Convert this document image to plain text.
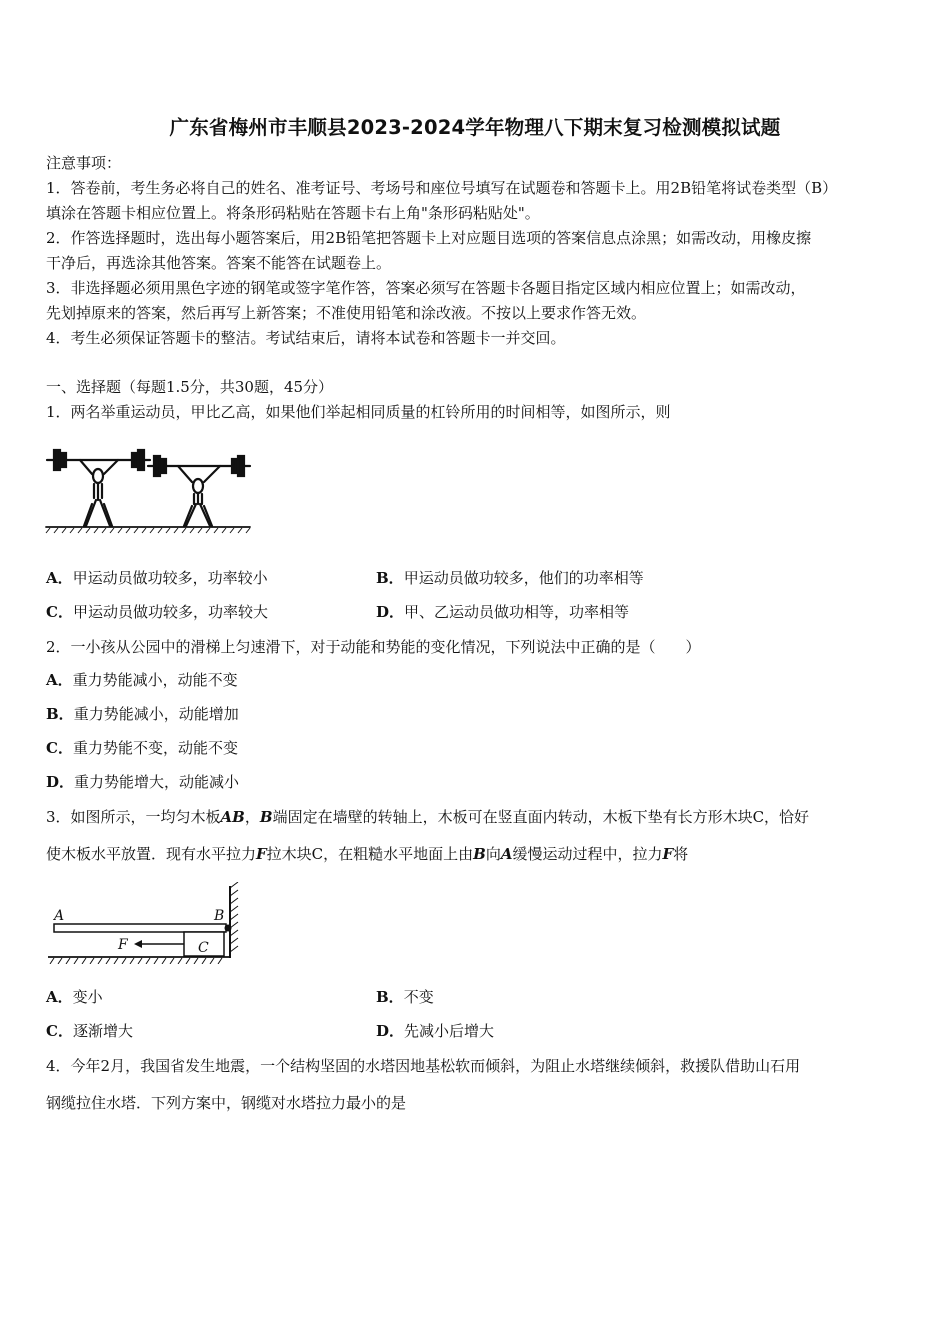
广东省梅州市丰顺县2023-2024学年物理八下期末复习检测模拟试题
注意事项：
1．答卷前，考生务必将自己的姓名、准考证号、考场号和座位号填写在试题卷和答题卡上。用2B铅笔将试卷类型（B）
填涂在答题卡相应位置上。将条形码粘贴在答题卡右上角"条形码粘贴处"。
2．作答选择题时，选出每小题答案后，用2B铅笔把答题卡上对应题目选项的答案信息点涂黑；如需改动，用橡皮擦
干净后，再选涂其他答案。答案不能答在试题卷上。
3．非选择题必须用黑色字迹的钢笔或签字笔作答，答案必须写在答题卡各题目指定区域内相应位置上；如需改动，
先划掉原来的答案，然后再写上新答案；不准使用铅笔和涂改液。不按以上要求作答无效。
4．考生必须保证答题卡的整洁。考试结束后，请将本试卷和答题卡一并交回。
一、选择题（每题1.5分，共30题，45分）
1．两名举重运动员，甲比乙高，如果他们举起相同质量的杠铃所用的时间相等，如图所示，则
A．甲运动员做功较多，功率较小	B．甲运动员做功较多，他们的功率相等
C．甲运动员做功较多，功率较大	D．甲、乙运动员做功相等，功率相等
2．一小孩从公园中的滑梯上匀速滑下，对于动能和势能的变化情况，下列说法中正确的是（　　）
A．重力势能减小，动能不变
B．重力势能减小，动能增加
C．重力势能不变，动能不变
D．重力势能增大，动能减小
3．如图所示，一均匀木板AB，B端固定在墙壁的转轴上，木板可在竖直面内转动，木板下垫有长方形木块C，恰好
使木板水平放置．现有水平拉力F拉木块C，在粗糙水平地面上由B向A缓慢运动过程中，拉力F将
A	B
F	C
A．变小	B．不变
C．逐渐增大	D．先减小后增大
4．今年2月，我国省发生地震，一个结构坚固的水塔因地基松软而倾斜，为阻止水塔继续倾斜，救援队借助山石用
钢缆拉住水塔．下列方案中，钢缆对水塔拉力最小的是
